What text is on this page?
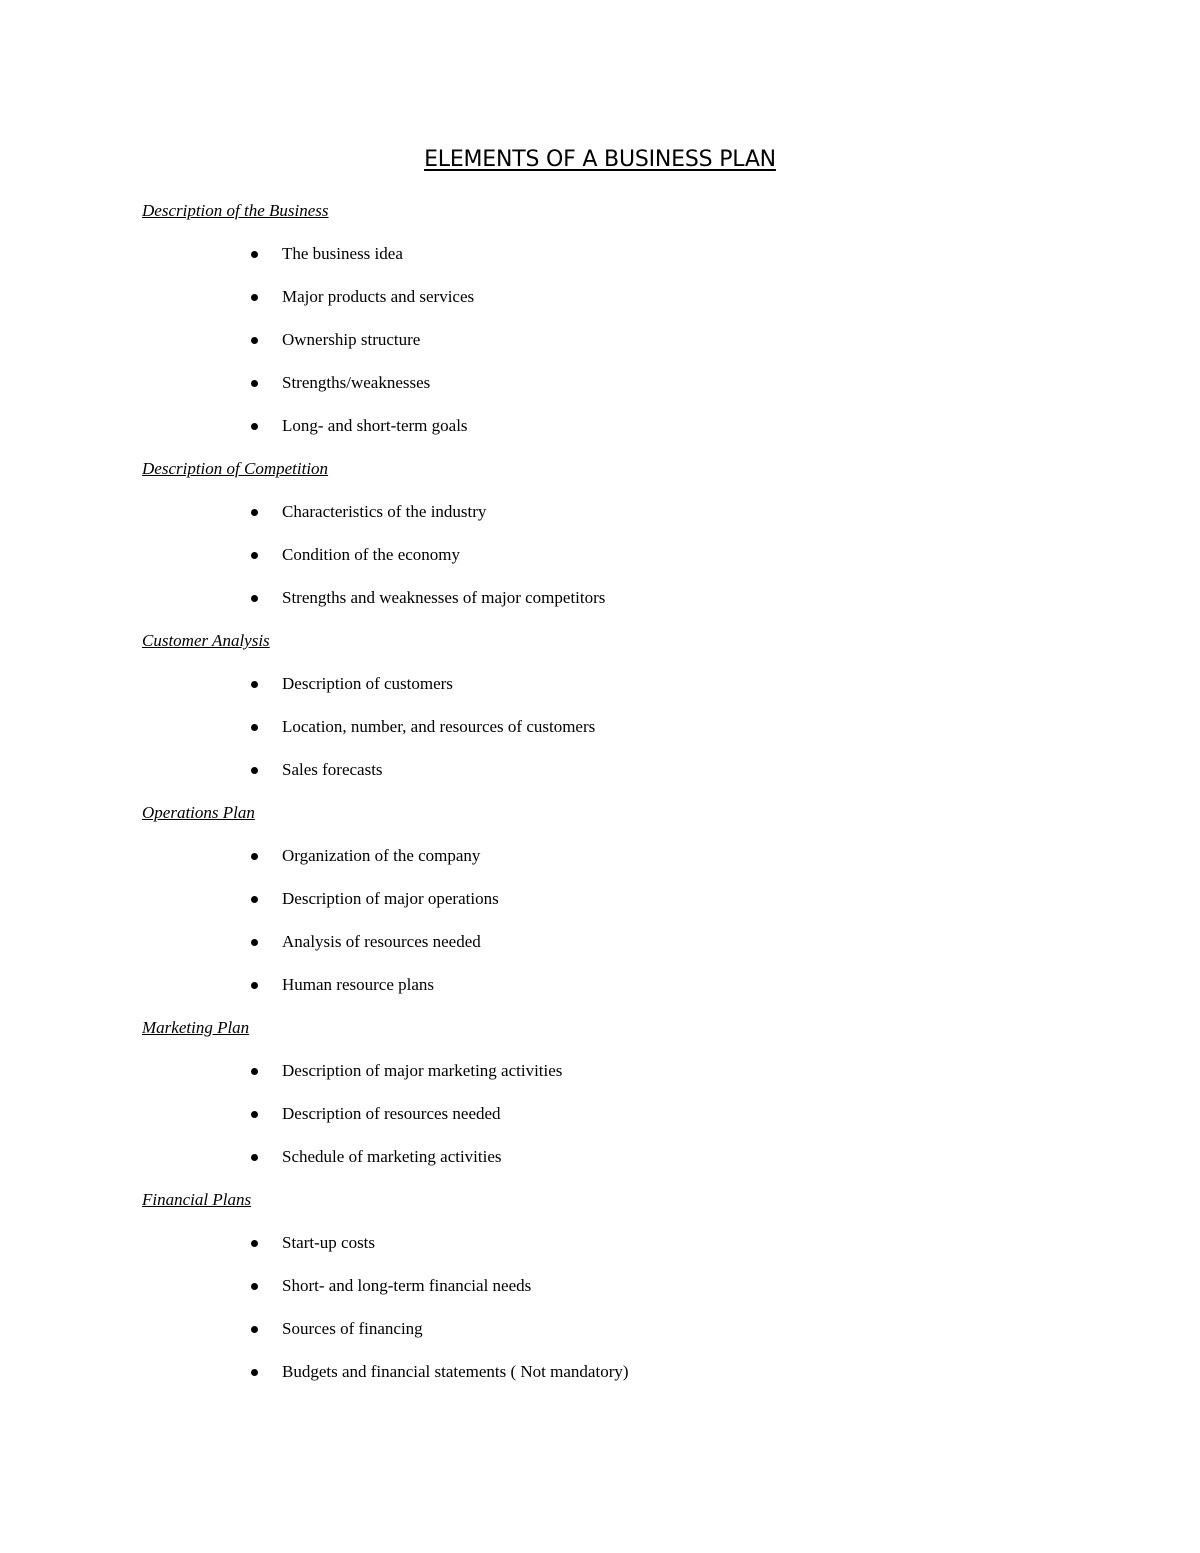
ELEMENTS OF A BUSINESS PLAN
Description of the Business
The business idea
Major products and services
Ownership structure
Strengths/weaknesses
Long- and short-term goals
Description of Competition
Characteristics of the industry
Condition of the economy
Strengths and weaknesses of major competitors
Customer Analysis
Description of customers
Location, number, and resources of customers
Sales forecasts
Operations Plan
Organization of the company
Description of major operations
Analysis of resources needed
Human resource plans
Marketing Plan
Description of major marketing activities
Description of resources needed
Schedule of marketing activities
Financial Plans
Start-up costs
Short- and long-term financial needs
Sources of financing
Budgets and financial statements ( Not mandatory)
